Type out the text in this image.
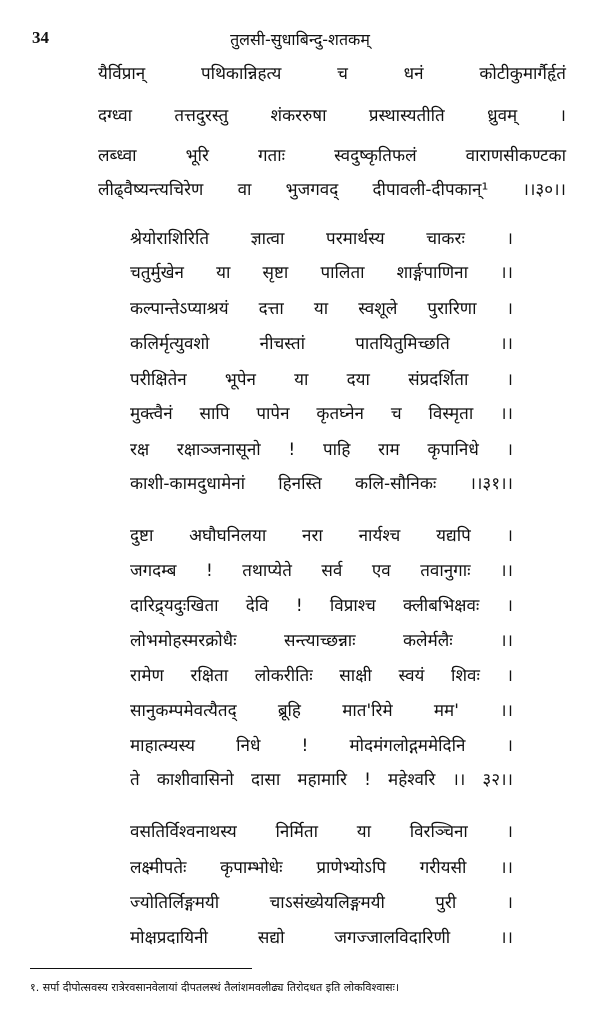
34	तुलसी-सुधाबिन्दु-शतकम्
यैर्विप्रान् पथिकान्निहत्य च धनं कोटीकुमार्गैर्हृतं
दग्ध्वा तत्तदुरस्तु शंकररुषा प्रस्थास्यतीति ध्रुवम् ।
लब्ध्वा भूरि गताः स्वदुष्कृतिफलं वाराणसीकण्टका
लीढ्वैष्यन्त्यचिरेण वा भुजगवद् दीपावली-दीपकान्¹ ।।३०।।
श्रेयोराशिरिति ज्ञात्वा परमार्थस्य चाकरः ।
चतुर्मुखेन या सृष्टा पालिता शार्ङ्गपाणिना ।।
कल्पान्तेऽप्याश्रयं दत्ता या स्वशूले पुरारिणा ।
कलिर्मृत्युवशो नीचस्तां पातयितुमिच्छति ।।
परीक्षितेन भूपेन या दया संप्रदर्शिता ।
मुक्त्वैनं सापि पापेन कृतघ्नेन च विस्मृता ।।
रक्ष रक्षाञ्जनासूनो ! पाहि राम कृपानिधे ।
काशी-कामदुधामेनां हिनस्ति कलि-सौनिकः ।।३१।।
दुष्टा अघौघनिलया नरा नार्यश्च यद्यपि ।
जगदम्ब ! तथाप्येते सर्व एव तवानुगाः ।।
दारिद्र्यदुःखिता देवि ! विप्राश्च क्लीबभिक्षवः ।
लोभमोहस्मरक्रोधैः सन्त्याच्छन्नाः कलेर्मलैः ।।
रामेण रक्षिता लोकरीतिः साक्षी स्वयं शिवः ।
सानुकम्पमेवत्यैतद् ब्रूहि मात'रिमे मम' ।।
माहात्म्यस्य निधे ! मोदमंगलोद्गममेदिनि ।
ते काशीवासिनो दासा महामारि ! महेश्वरि ।। ३२।।
वसतिर्विश्वनाथस्य निर्मिता या विरञ्चिना ।
लक्ष्मीपतेः कृपाम्भोधेः प्राणेभ्योऽपि गरीयसी ।।
ज्योतिर्लिङ्गमयी चाऽसंख्येयलिङ्गमयी पुरी ।
मोक्षप्रदायिनी सद्यो जगज्जालविदारिणी ।।
१. सर्पा दीपोत्सवस्य रात्रेरवसानवेलायां दीपतलस्थं तैलांशमवलीढ्य तिरोदधत इति लोकविश्वासः।
